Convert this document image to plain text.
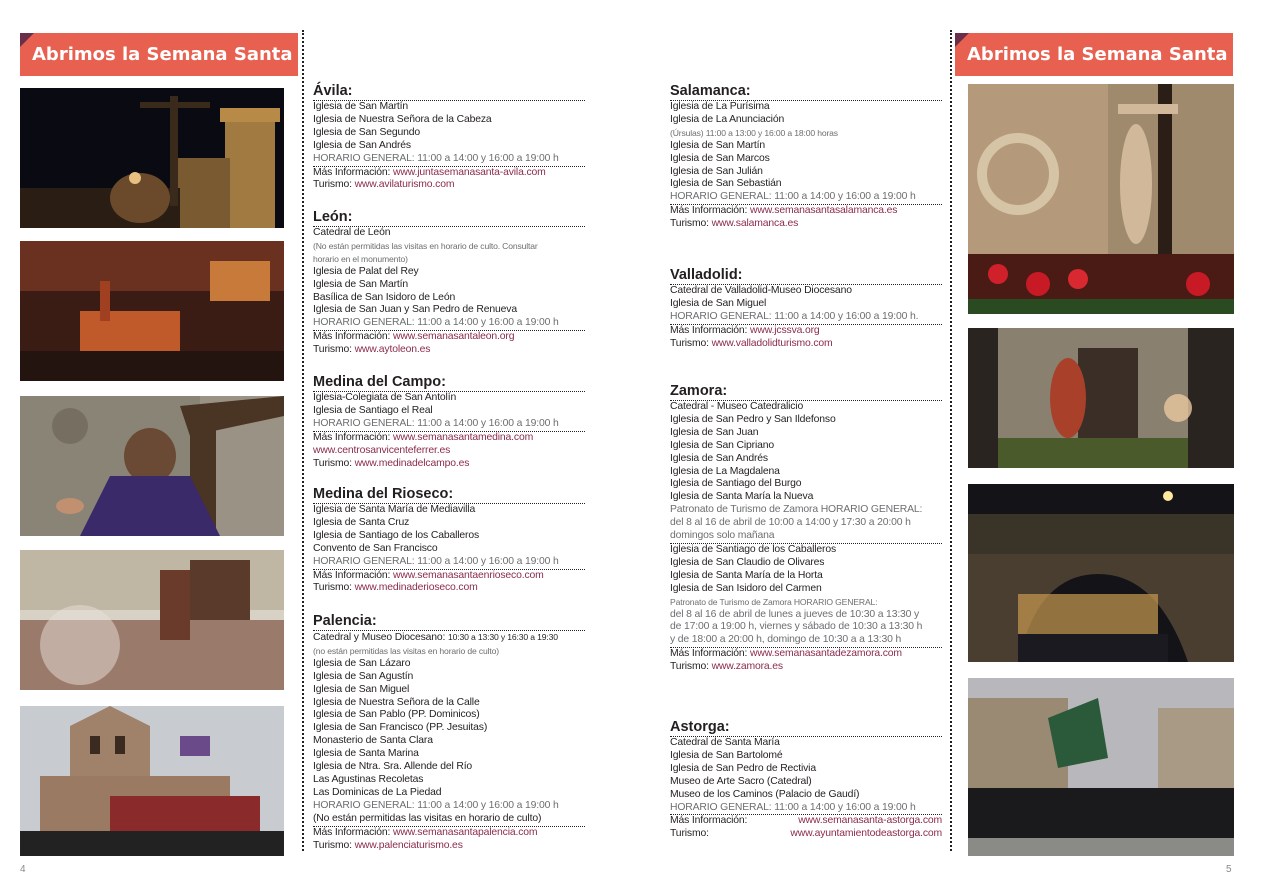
Abrimos la Semana Santa	Abrimos la Semana Santa
Ávila:
Iglesia de San Martín
Iglesia de Nuestra Señora de la Cabeza
Iglesia de San Segundo
Iglesia de San Andrés
HORARIO GENERAL: 11:00 a 14:00 y 16:00 a 19:00 h
Más Información: www.juntasemanasanta-avila.com
Turismo: www.avilaturismo.com
León:
Catedral de León
(No están permitidas las visitas en horario de culto. Consultar
horario en el monumento)
Iglesia de Palat del Rey
Iglesia de San Martín
Basílica de San Isidoro de León
Iglesia de San Juan y San Pedro de Renueva
HORARIO GENERAL: 11:00 a 14:00 y 16:00 a 19:00 h
Más Información: www.semanasantaleon.org
Turismo: www.aytoleon.es
Medina del Campo:
Iglesia-Colegiata de San Antolín
Iglesia de Santiago el Real
HORARIO GENERAL: 11:00 a 14:00 y 16:00 a 19:00 h
Más Información: www.semanasantamedina.com
www.centrosanvicenteferrer.es
Turismo: www.medinadelcampo.es
Medina del Rioseco:
Iglesia de Santa María de Mediavilla
Iglesia de Santa Cruz
Iglesia de Santiago de los Caballeros
Convento de San Francisco
HORARIO GENERAL: 11:00 a 14:00 y 16:00 a 19:00 h
Más Información: www.semanasantaenrioseco.com
Turismo: www.medinaderioseco.com
Palencia:
Catedral y Museo Diocesano: 10:30 a 13:30 y 16:30 a 19:30
(no están permitidas las visitas en horario de culto)
Iglesia de San Lázaro
Iglesia de San Agustín
Iglesia de San Miguel
Iglesia de Nuestra Señora de la Calle
Iglesia de San Pablo (PP. Dominicos)
Iglesia de San Francisco (PP. Jesuitas)
Monasterio de Santa Clara
Iglesia de Santa Marina
Iglesia de Ntra. Sra. Allende del Río
Las Agustinas Recoletas
Las Dominicas de La Piedad
HORARIO GENERAL: 11:00 a 14:00 y 16:00 a 19:00 h
(No están permitidas las visitas en horario de culto)
Más Información: www.semanasantapalencia.com
Turismo: www.palenciaturismo.es
Salamanca:
Iglesia de La Purísima
Iglesia de La Anunciación
(Úrsulas) 11:00 a 13:00 y 16:00 a 18:00 horas
Iglesia de San Martín
Iglesia de San Marcos
Iglesia de San Julián
Iglesia de San Sebastián
HORARIO GENERAL: 11:00 a 14:00 y 16:00 a 19:00 h
Más Información: www.semanasantasalamanca.es
Turismo: www.salamanca.es
Valladolid:
Catedral de Valladolid-Museo Diocesano
Iglesia de San Miguel
HORARIO GENERAL: 11:00 a 14:00 y 16:00 a 19:00 h.
Más Información: www.jcssva.org
Turismo: www.valladolidturismo.com
Zamora:
Catedral - Museo Catedralicio
Iglesia de San Pedro y San Ildefonso
Iglesia de San Juan
Iglesia de San Cipriano
Iglesia de San Andrés
Iglesia de La Magdalena
Iglesia de Santiago del Burgo
Iglesia de Santa María la Nueva
Patronato de Turismo de Zamora HORARIO GENERAL:
del 8 al 16 de abril de 10:00 a 14:00 y 17:30 a 20:00 h
domingos solo mañana
Iglesia de Santiago de los Caballeros
Iglesia de San Claudio de Olivares
Iglesia de Santa María de la Horta
Iglesia de San Isidoro del Carmen
Patronato de Turismo de Zamora HORARIO GENERAL:
del 8 al 16 de abril de lunes a jueves de 10:30 a 13:30 y
de 17:00 a 19:00 h, viernes y sábado de 10:30 a 13:30 h
y de 18:00 a 20:00 h, domingo de 10:30 a a 13:30 h
Más Información: www.semanasantadezamora.com
Turismo: www.zamora.es
Astorga:
Catedral de Santa María
Iglesia de San Bartolomé
Iglesia de San Pedro de Rectivia
Museo de Arte Sacro (Catedral)
Museo de los Caminos (Palacio de Gaudí)
HORARIO GENERAL: 11:00 a 14:00 y 16:00 a 19:00 h
Más Información:	www.semanasanta-astorga.com
Turismo:	www.ayuntamientodeastorga.com
4	5
